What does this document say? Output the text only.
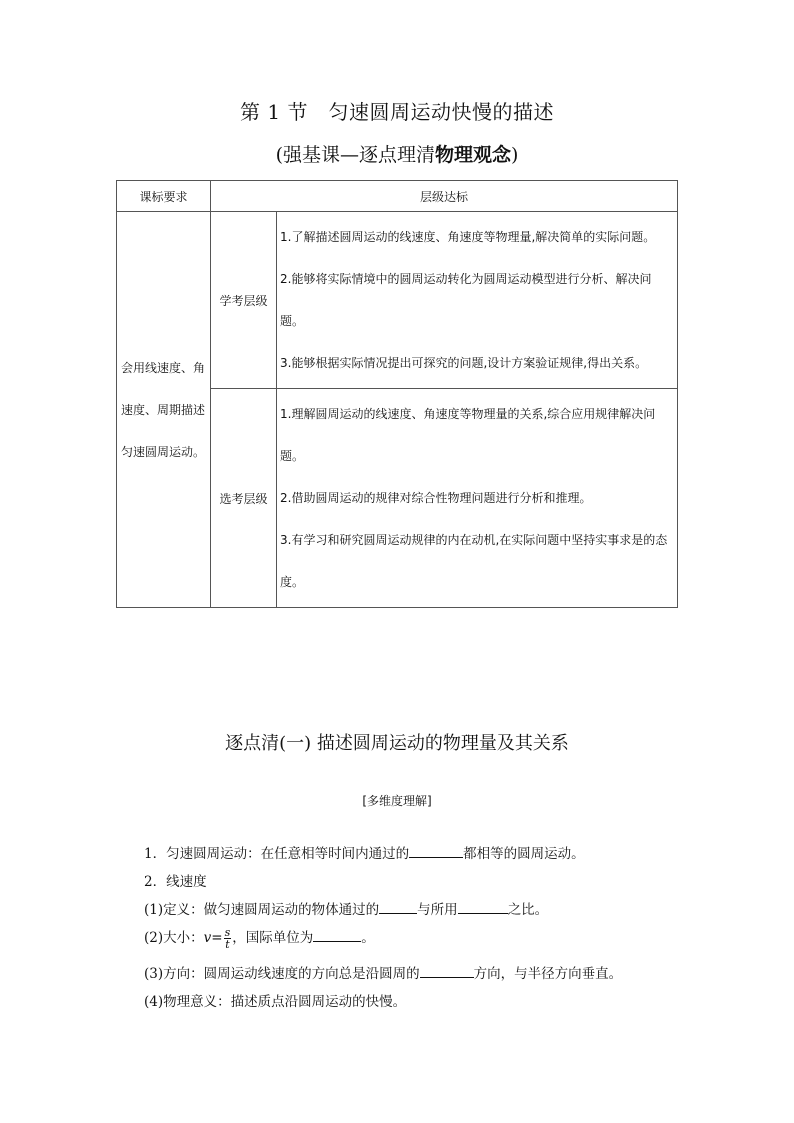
第 1 节　匀速圆周运动快慢的描述
(强基课—逐点理清物理观念)
课标要求	层级达标	
会用线速度、角速度、周期描述匀速圆周运动。	学考层级	1.了解描述圆周运动的线速度、角速度等物理量,解决简单的实际问题。

2.能够将实际情境中的圆周运动转化为圆周运动模型进行分析、解决问题。

3.能够根据实际情况提出可探究的问题,设计方案验证规律,得出关系。

	选考层级	1.理解圆周运动的线速度、角速度等物理量的关系,综合应用规律解决问题。

2.借助圆周运动的规律对综合性物理问题进行分析和推理。

3.有学习和研究圆周运动规律的内在动机,在实际问题中坚持实事求是的态度。

逐点清(一) 描述圆周运动的物理量及其关系
[多维度理解]
1．匀速圆周运动：在任意相等时间内通过的	都相等的圆周运动。
2．线速度
(1)定义：做匀速圆周运动的物体通过的	与所用	之比。
(2)大小：$v= \frac{s}{t}$ ，国际单位为	。
(3)方向：圆周运动线速度的方向总是沿圆周的	方向，与半径方向垂直。
(4)物理意义：描述质点沿圆周运动的快慢。
